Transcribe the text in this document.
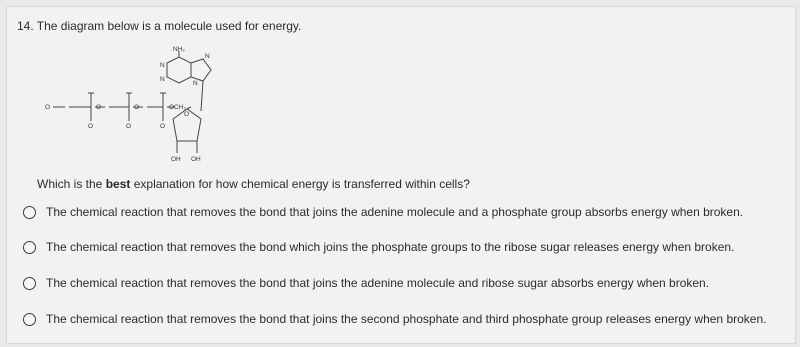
14. The diagram below is a molecule used for energy.
NH₂
N
N
N
N
OCH₂
O	O	O
O	O	O
O
OH OH
Which is the best explanation for how chemical energy is transferred within cells?
The chemical reaction that removes the bond that joins the adenine molecule and a phosphate group absorbs energy when broken.
The chemical reaction that removes the bond which joins the phosphate groups to the ribose sugar releases energy when broken.
The chemical reaction that removes the bond that joins the adenine molecule and ribose sugar absorbs energy when broken.
The chemical reaction that removes the bond that joins the second phosphate and third phosphate group releases energy when broken.
